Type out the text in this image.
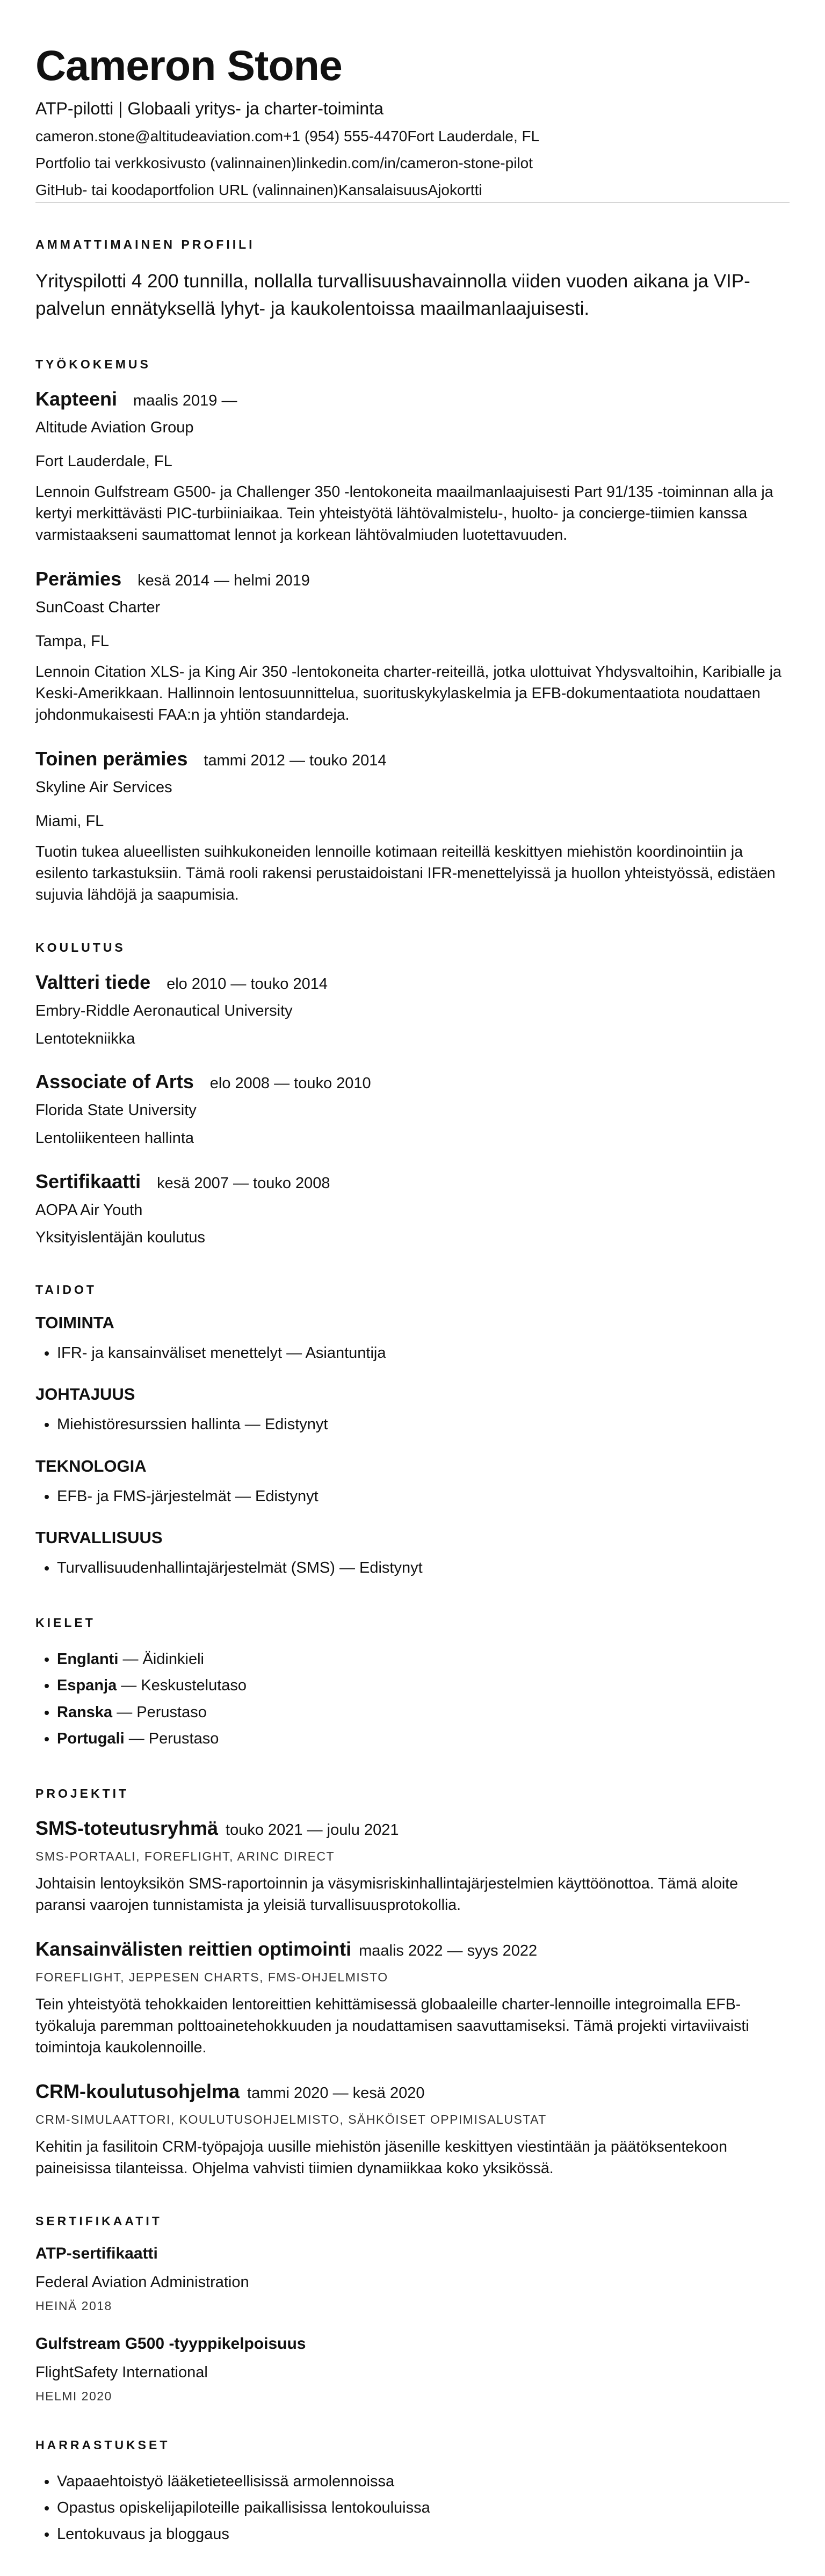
Cameron Stone
ATP-pilotti | Globaali yritys- ja charter-toiminta
cameron.stone@altitudeaviation.com+1 (954) 555-4470Fort Lauderdale, FL
Portfolio tai verkkosivusto (valinnainen)linkedin.com/in/cameron-stone-pilot
GitHub- tai koodaportfolion URL (valinnainen)KansalaisuusAjokortti
AMMATTIMAINEN PROFIILI
Yrityspilotti 4 200 tunnilla, nollalla turvallisuushavainnolla viiden vuoden aikana ja VIP-palvelun ennätyksellä lyhyt- ja kaukolentoissa maailmanlaajuisesti.
TYÖKOKEMUS
Kapteeni maalis 2019 —
Altitude Aviation Group
Fort Lauderdale, FL
Lennoin Gulfstream G500- ja Challenger 350 -lentokoneita maailmanlaajuisesti Part 91/135 -toiminnan alla ja kertyi merkittävästi PIC-turbiiniaikaa. Tein yhteistyötä lähtövalmistelu-, huolto- ja concierge-tiimien kanssa varmistaakseni saumattomat lennot ja korkean lähtövalmiuden luotettavuuden.
Perämies kesä 2014 — helmi 2019
SunCoast Charter
Tampa, FL
Lennoin Citation XLS- ja King Air 350 -lentokoneita charter-reiteillä, jotka ulottuivat Yhdysvaltoihin, Karibialle ja Keski-Amerikkaan. Hallinnoin lentosuunnittelua, suorituskykylaskelmia ja EFB-dokumentaatiota noudattaen johdonmukaisesti FAA:n ja yhtiön standardeja.
Toinen perämies tammi 2012 — touko 2014
Skyline Air Services
Miami, FL
Tuotin tukea alueellisten suihkukoneiden lennoille kotimaan reiteillä keskittyen miehistön koordinointiin ja esilento tarkastuksiin. Tämä rooli rakensi perustaidoistani IFR-menettelyissä ja huollon yhteistyössä, edistäen sujuvia lähdöjä ja saapumisia.
KOULUTUS
Valtteri tiede elo 2010 — touko 2014
Embry-Riddle Aeronautical University
Lentotekniikka
Associate of Arts elo 2008 — touko 2010
Florida State University
Lentoliikenteen hallinta
Sertifikaatti kesä 2007 — touko 2008
AOPA Air Youth
Yksityislentäjän koulutus
TAIDOT
TOIMINTA
• IFR- ja kansainväliset menettelyt — Asiantuntija
JOHTAJUUS
• Miehistöresurssien hallinta — Edistynyt
TEKNOLOGIA
• EFB- ja FMS-järjestelmät — Edistynyt
TURVALLISUUS
• Turvallisuudenhallintajärjestelmät (SMS) — Edistynyt
KIELET
• Englanti — Äidinkieli
• Espanja — Keskustelutaso
• Ranska — Perustaso
• Portugali — Perustaso
PROJEKTIT
SMS-toteutusryhmä touko 2021 — joulu 2021
SMS-PORTAALI, FOREFLIGHT, ARINC DIRECT
Johtaisin lentoyksikön SMS-raportoinnin ja väsymisriskinhallintajärjestelmien käyttöönottoa. Tämä aloite paransi vaarojen tunnistamista ja yleisiä turvallisuusprotokollia.
Kansainvälisten reittien optimointi maalis 2022 — syys 2022
FOREFLIGHT, JEPPESEN CHARTS, FMS-OHJELMISTO
Tein yhteistyötä tehokkaiden lentoreittien kehittämisessä globaaleille charter-lennoille integroimalla EFB-työkaluja paremman polttoainetehokkuuden ja noudattamisen saavuttamiseksi. Tämä projekti virtaviivaisti toimintoja kaukolennoille.
CRM-koulutusohjelma tammi 2020 — kesä 2020
CRM-SIMULAATTORI, KOULUTUSOHJELMISTO, SÄHKÖISET OPPIMISALUSTAT
Kehitin ja fasilitoin CRM-työpajoja uusille miehistön jäsenille keskittyen viestintään ja päätöksentekoon paineisissa tilanteissa. Ohjelma vahvisti tiimien dynamiikkaa koko yksikössä.
SERTIFIKAATIT
ATP-sertifikaatti
Federal Aviation Administration
HEINÄ 2018
Gulfstream G500 -tyyppikelpoisuus
FlightSafety International
HELMI 2020
HARRASTUKSET
• Vapaaehtoistyö lääketieteellisissä armolennoissa
• Opastus opiskelijapiloteille paikallisissa lentokouluissa
• Lentokuvaus ja bloggaus
